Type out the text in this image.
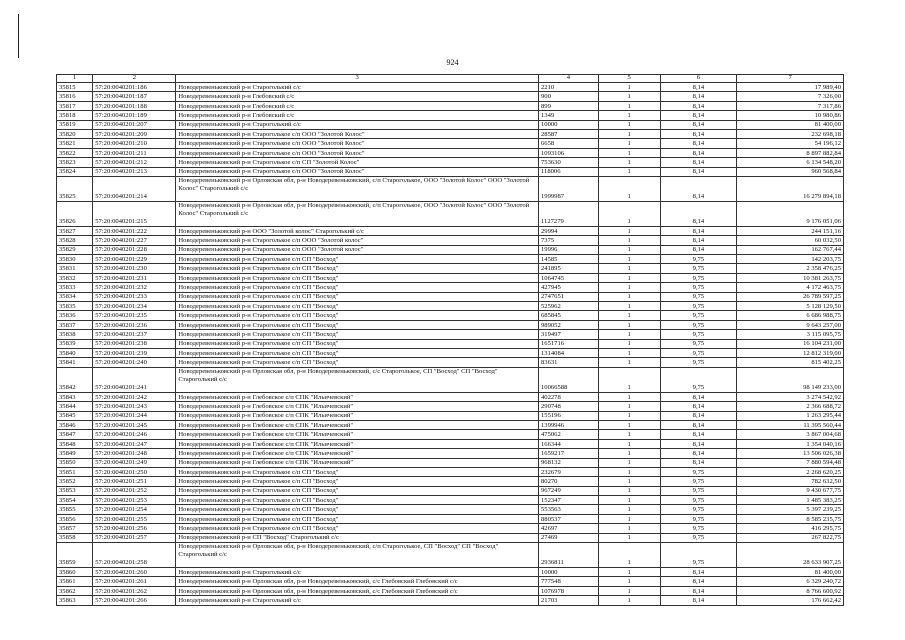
924
1	2	3	4	5	6	7
35815	57:20:0040201:186	Новодеревеньковский р-н Староголький с/с	2210	1	8,14	17 989,40
35816	57:20:0040201:187	Новодеревеньковский р-н Глебовский с/с	900	1	8,14	7 326,00
35817	57:20:0040201:188	Новодеревеньковский р-н Глебовский с/с	899	1	8,14	7 317,86
35818	57:20:0040201:189	Новодеревеньковский р-н Глебовский с/с	1349	1	8,14	10 980,86
35819	57:20:0040201:207	Новодеревеньковский р-н Староголький с/с	10000	1	8,14	81 400,00
35820	57:20:0040201:209	Новодеревеньковский р-н Староголькое с/п ООО "Золотой Колос"	28587	1	8,14	232 698,18
35821	57:20:0040201:210	Новодеревеньковский р-н Староголькое с/п ООО "Золотой Колос"	6658	1	8,14	54 196,12
35822	57:20:0040201:211	Новодеревеньковский р-н Староголькое с/п ООО "Золотой Колос"	1093106	1	8,14	8 897 882,84
35823	57:20:0040201:212	Новодеревеньковский р-н Староголькое с/п СП "Золотой Колос"	753630	1	8,14	6 134 548,20
35824	57:20:0040201:213	Новодеревеньковский р-н Староголькое с/п ООО "Золотой Колос"	118006	1	8,14	960 568,84
35825	57:20:0040201:214	Новодеревеньковский р-н Орловская обл, р-н Новодеревеньковский, с/п Староголькое, ООО "Золотой Колос" ООО "Золотой Колос" Староголький с/с	1999987	1	8,14	16 279 894,18
35826	57:20:0040201:215	Новодеревеньковский р-н Орловская обл, р-н Новодеревеньковский, с/п Староголькое, ООО "Золотой Колос" ООО "Золотой Колос" Староголький с/с	1127279	1	8,14	9 176 051,06
35827	57:20:0040201:222	Новодеревеньковский р-н ООО "Золотой колос" Староголький с/с	29994	1	8,14	244 151,16
35828	57:20:0040201:227	Новодеревеньковский р-н Староголькое с/п ООО "Золотой колос"	7375	1	8,14	60 032,50
35829	57:20:0040201:228	Новодеревеньковский р-н Староголькое с/п ООО "Золотой колос"	19996	1	8,14	162 767,44
35830	57:20:0040201:229	Новодеревеньковский р-н Староголькое с/п СП "Восход"	14585	1	9,75	142 203,75
35831	57:20:0040201:230	Новодеревеньковский р-н Староголькое с/п СП "Восход"	241895	1	9,75	2 358 476,25
35832	57:20:0040201:231	Новодеревеньковский р-н Староголькое с/п СП "Восход"	1064745	1	9,75	10 381 263,75
35833	57:20:0040201:232	Новодеревеньковский р-н Староголькое с/п СП "Восход"	427945	1	9,75	4 172 463,75
35834	57:20:0040201:233	Новодеревеньковский р-н Староголькое с/п СП "Восход"	2747651	1	9,75	26 789 597,25
35835	57:20:0040201:234	Новодеревеньковский р-н Староголькое с/п СП "Восход"	525962	1	9,75	5 128 129,50
35836	57:20:0040201:235	Новодеревеньковский р-н Староголькое с/п СП "Восход"	685845	1	9,75	6 686 988,75
35837	57:20:0040201:236	Новодеревеньковский р-н Староголькое с/п СП "Восход"	989052	1	9,75	9 643 257,00
35838	57:20:0040201:237	Новодеревеньковский р-н Староголькое с/п СП "Восход"	319497	1	9,75	3 115 095,75
35839	57:20:0040201:238	Новодеревеньковский р-н Староголькое с/п СП "Восход"	1651716	1	9,75	16 104 231,00
35840	57:20:0040201:239	Новодеревеньковский р-н Староголькое с/п СП "Восход"	1314084	1	9,75	12 812 319,00
35841	57:20:0040201:240	Новодеревеньковский р-н Староголькое с/п СП "Восход"	83631	1	9,75	815 402,25
35842	57:20:0040201:241	Новодеревеньковский р-н Орловская обл, р-н Новодеревеньковский, с/с Староголькое, СП "Восход" СП "Восход" Староголький с/с	10066588	1	9,75	98 149 233,00
35843	57:20:0040201:242	Новодеревеньковский р-н Глебовское с/п СПК "Ильичевский"	402278	1	8,14	3 274 542,92
35844	57:20:0040201:243	Новодеревеньковский р-н Глебовское с/п СПК "Ильичевский"	290748	1	8,14	2 366 688,72
35845	57:20:0040201:244	Новодеревеньковский р-н Глебовское с/п СПК "Ильичевский"	155196	1	8,14	1 263 295,44
35846	57:20:0040201:245	Новодеревеньковский р-н Глебовское с/п СПК "Ильичевский"	1399946	1	8,14	11 395 560,44
35847	57:20:0040201:246	Новодеревеньковский р-н Глебовское с/п СПК "Ильичевский"	475062	1	8,14	3 867 004,68
35848	57:20:0040201:247	Новодеревеньковский р-н Глебовское с/п СПК "Ильичевский"	166344	1	8,14	1 354 040,16
35849	57:20:0040201:248	Новодеревеньковский р-н Глебовское с/п СПК "Ильичевский"	1659217	1	8,14	13 506 026,38
35850	57:20:0040201:249	Новодеревеньковский р-н Глебовское с/п СПК "Ильичевский"	968132	1	8,14	7 880 594,48
35851	57:20:0040201:250	Новодеревеньковский р-н Староголькое с/п СП "Восход"	232679	1	9,75	2 268 620,25
35852	57:20:0040201:251	Новодеревеньковский р-н Староголькое с/п СП "Восход"	80270	1	9,75	782 632,50
35853	57:20:0040201:252	Новодеревеньковский р-н Староголькое с/п СП "Восход"	967249	1	9,75	9 430 677,75
35854	57:20:0040201:253	Новодеревеньковский р-н Староголькое с/п СП "Восход"	152347	1	9,75	1 485 383,25
35855	57:20:0040201:254	Новодеревеньковский р-н Староголькое с/п СП "Восход"	553563	1	9,75	5 397 239,25
35856	57:20:0040201:255	Новодеревеньковский р-н Староголькое с/п СП "Восход"	880537	1	9,75	8 585 235,75
35857	57:20:0040201:256	Новодеревеньковский р-н Староголькое с/п СП "Восход"	42697	1	9,75	416 295,75
35858	57:20:0040201:257	Новодеревеньковский р-н СП "Восход" Староголький с/с	27469	1	9,75	267 822,75
35859	57:20:0040201:258	Новодеревеньковский р-н Орловская обл, р-н Новодеревеньковский, с/п Староголькое, СП "Восход" СП "Восход" Староголький с/с	2936811	1	9,75	28 633 907,25
35860	57:20:0040201:260	Новодеревеньковский р-н Староголький с/с	10000	1	8,14	81 400,00
35861	57:20:0040201:261	Новодеревеньковский р-н Орловская обл, р-н Новодеревеньковский, с/с Глебовский Глебовский с/с	777548	1	8,14	6 329 240,72
35862	57:20:0040201:262	Новодеревеньковский р-н Орловская обл, р-н Новодеревеньковский, с/с Глебовский Глебовский с/с	1076978	1	8,14	8 766 600,92
35863	57:20:0040201:266	Новодеревеньковский р-н Староголький с/с	21703	1	8,14	176 662,42
